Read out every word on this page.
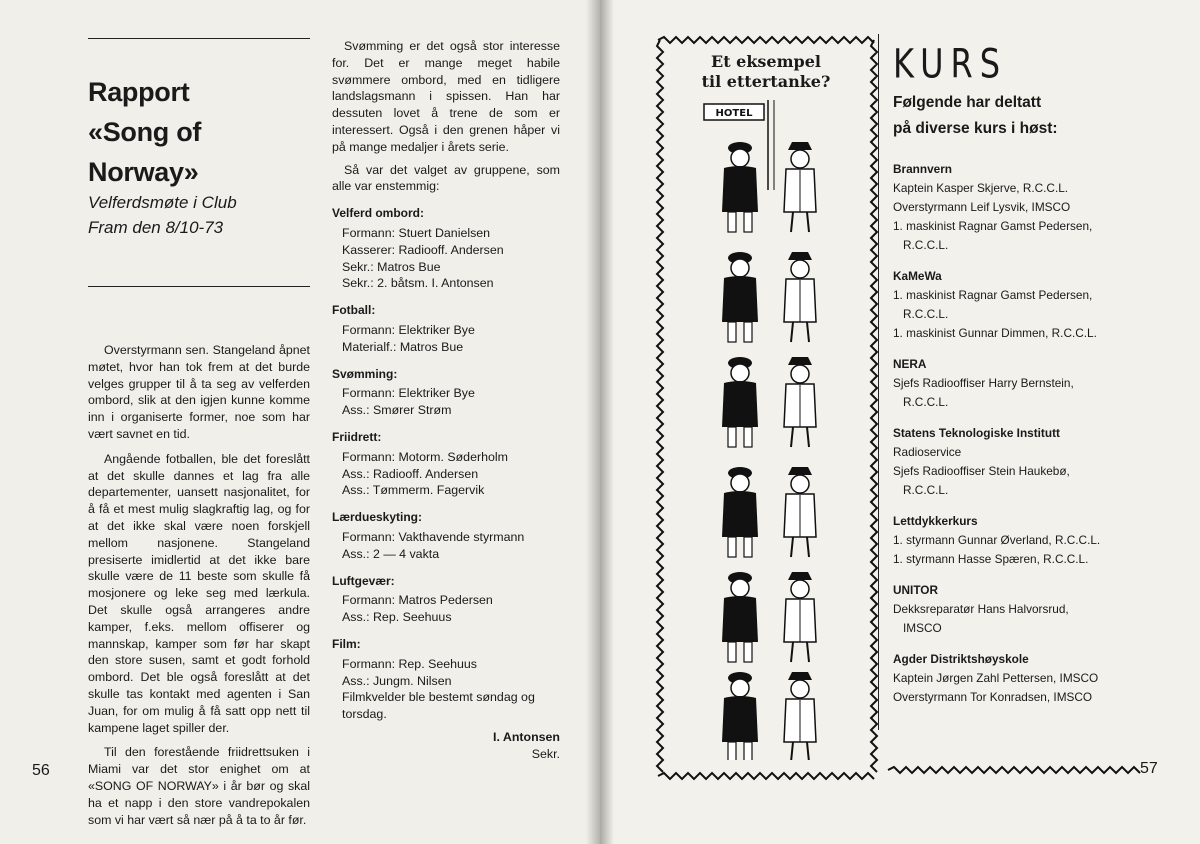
Rapport
«Song of
Norway»
Velferdsmøte i Club
Fram den 8/10-73

Overstyrmann sen. Stangeland åpnet møtet, hvor han tok frem at det burde velges grupper til å ta seg av velferden ombord, slik at den igjen kunne komme inn i organiserte former, noe som har vært savnet en tid.

Angående fotballen, ble det foreslått at det skulle dannes et lag fra alle departementer, uansett nasjonalitet, for å få et mest mulig slagkraftig lag, og for at det ikke skal være noen forskjell mellom nasjonene. Stangeland presiserte imidlertid at det ikke bare skulle være de 11 beste som skulle få mosjonere og leke seg med lærkula. Det skulle også arrangeres andre kamper, f.eks. mellom offiserer og mannskap, kamper som før har skapt den store susen, samt et godt forhold ombord. Det ble også foreslått at det skulle tas kontakt med agenten i San Juan, for om mulig å få satt opp nett til kampene laget spiller der.

Til den forestående friidrettsuken i Miami var det stor enighet om at «SONG OF NORWAY» i år bør og skal ha et napp i den store vandrepokalen som vi har vært så nær på å ta to år før.

Svømming er det også stor interesse for. Det er mange meget habile svømmere ombord, med en tidligere landslagsmann i spissen. Han har dessuten lovet å trene de som er interessert. Også i den grenen håper vi på mange medaljer i årets serie.

Så var det valget av gruppene, som alle var enstemmig:

Velferd ombord:
Formann: Stuert Danielsen
Kasserer: Radiooff. Andersen
Sekr.: Matros Bue
Sekr.: 2. båtsm. I. Antonsen
Fotball:
Formann: Elektriker Bye
Materialf.: Matros Bue
Svømming:
Formann: Elektriker Bye
Ass.: Smører Strøm
Friidrett:
Formann: Motorm. Søderholm
Ass.: Radiooff. Andersen
Ass.: Tømmerm. Fagervik
Lærdueskyting:
Formann: Vakthavende styrmann
Ass.: 2 — 4 vakta
Luftgevær:
Formann: Matros Pedersen
Ass.: Rep. Seehuus
Film:
Formann: Rep. Seehuus
Ass.: Jungm. Nilsen
Filmkvelder ble bestemt søndag og torsdag.
I. Antonsen
Sekr.
56
Et eksempel
til ettertanke?
HOTEL
KURS
Følgende har deltatt
på diverse kurs i høst:
Brannvern
Kaptein Kasper Skjerve, R.C.C.L.
Overstyrmann Leif Lysvik, IMSCO
1. maskinist Ragnar Gamst Pedersen,
R.C.C.L.
KaMeWa
1. maskinist Ragnar Gamst Pedersen,
R.C.C.L.
1. maskinist Gunnar Dimmen, R.C.C.L.
NERA
Sjefs Radiooffiser Harry Bernstein,
R.C.C.L.
Statens Teknologiske Institutt
Radioservice
Sjefs Radiooffiser Stein Haukebø,
R.C.C.L.
Lettdykkerkurs
1. styrmann Gunnar Øverland, R.C.C.L.
1. styrmann Hasse Spæren, R.C.C.L.
UNITOR
Dekksreparatør Hans Halvorsrud,
IMSCO
Agder Distriktshøyskole
Kaptein Jørgen Zahl Pettersen, IMSCO
Overstyrmann Tor Konradsen, IMSCO
57
